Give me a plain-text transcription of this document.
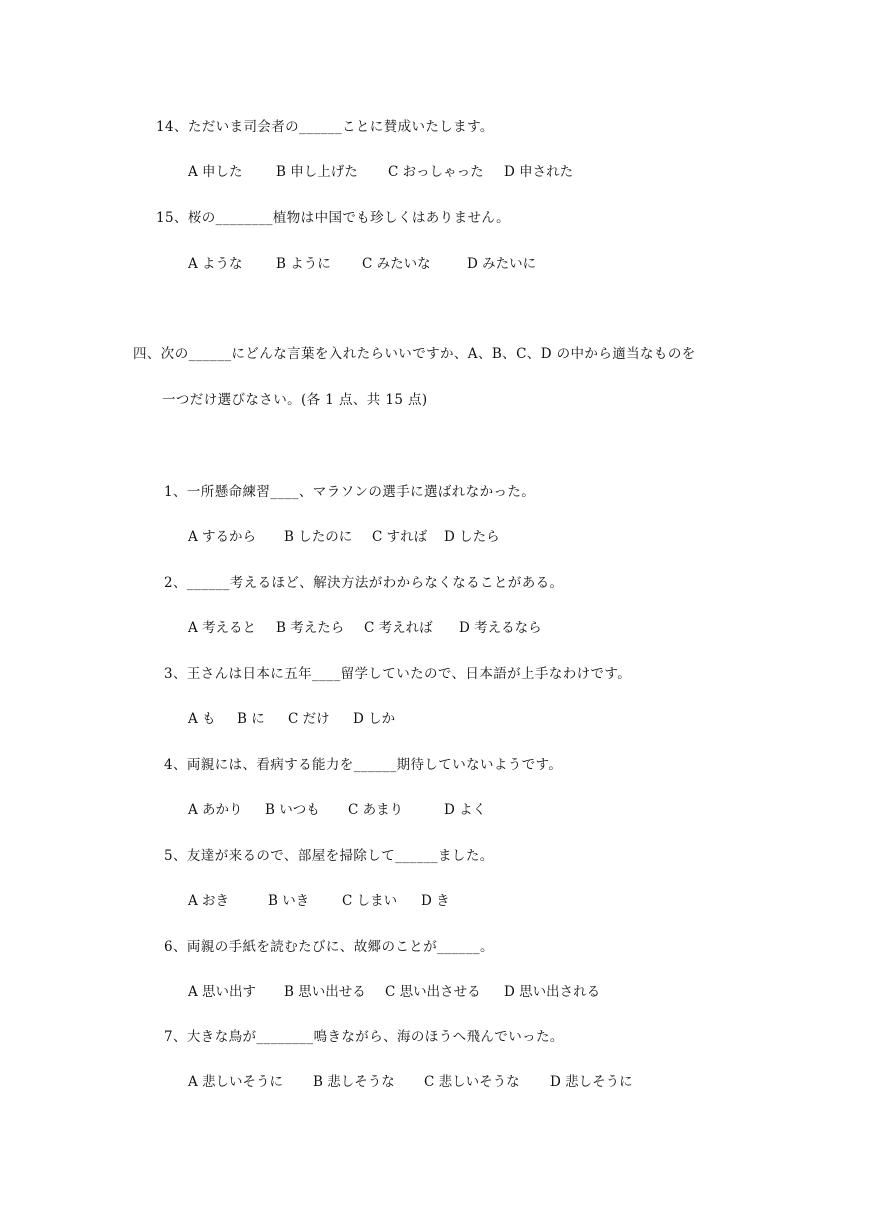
14、ただいま司会者の______ことに賛成いたします。
A 申した B 申し上げた C おっしゃった D 申された
15、桜の________植物は中国でも珍しくはありません。
A ような B ように C みたいな	D みたいに
四、次の______にどんな言葉を入れたらいいですか、A、B、C、D の中から適当なものを
一つだけ選びなさい。(各 1 点、共 15 点)
1、一所懸命練習____、マラソンの選手に選ばれなかった。
A するから B したのに C すれば D したら
2、______考えるほど、解決方法がわからなくなることがある。
A 考えると B 考えたら C 考えれば D 考えるなら
3、王さんは日本に五年____留学していたので、日本語が上手なわけです。
A も B に C だけ D しか
4、両親には、看病する能力を______期待していないようです。
A あかり B いつも C あまり	D よく
5、友達が来るので、部屋を掃除して______ました。
A おき	B いき C しまい D き
6、両親の手紙を読むたびに、故郷のことが______。
A 思い出す B 思い出せる C 思い出させる D 思い出される
7、大きな鳥が________鳴きながら、海のほうへ飛んでいった。
A 悲しいそうに B 悲しそうな C 悲しいそうな D 悲しそうに
